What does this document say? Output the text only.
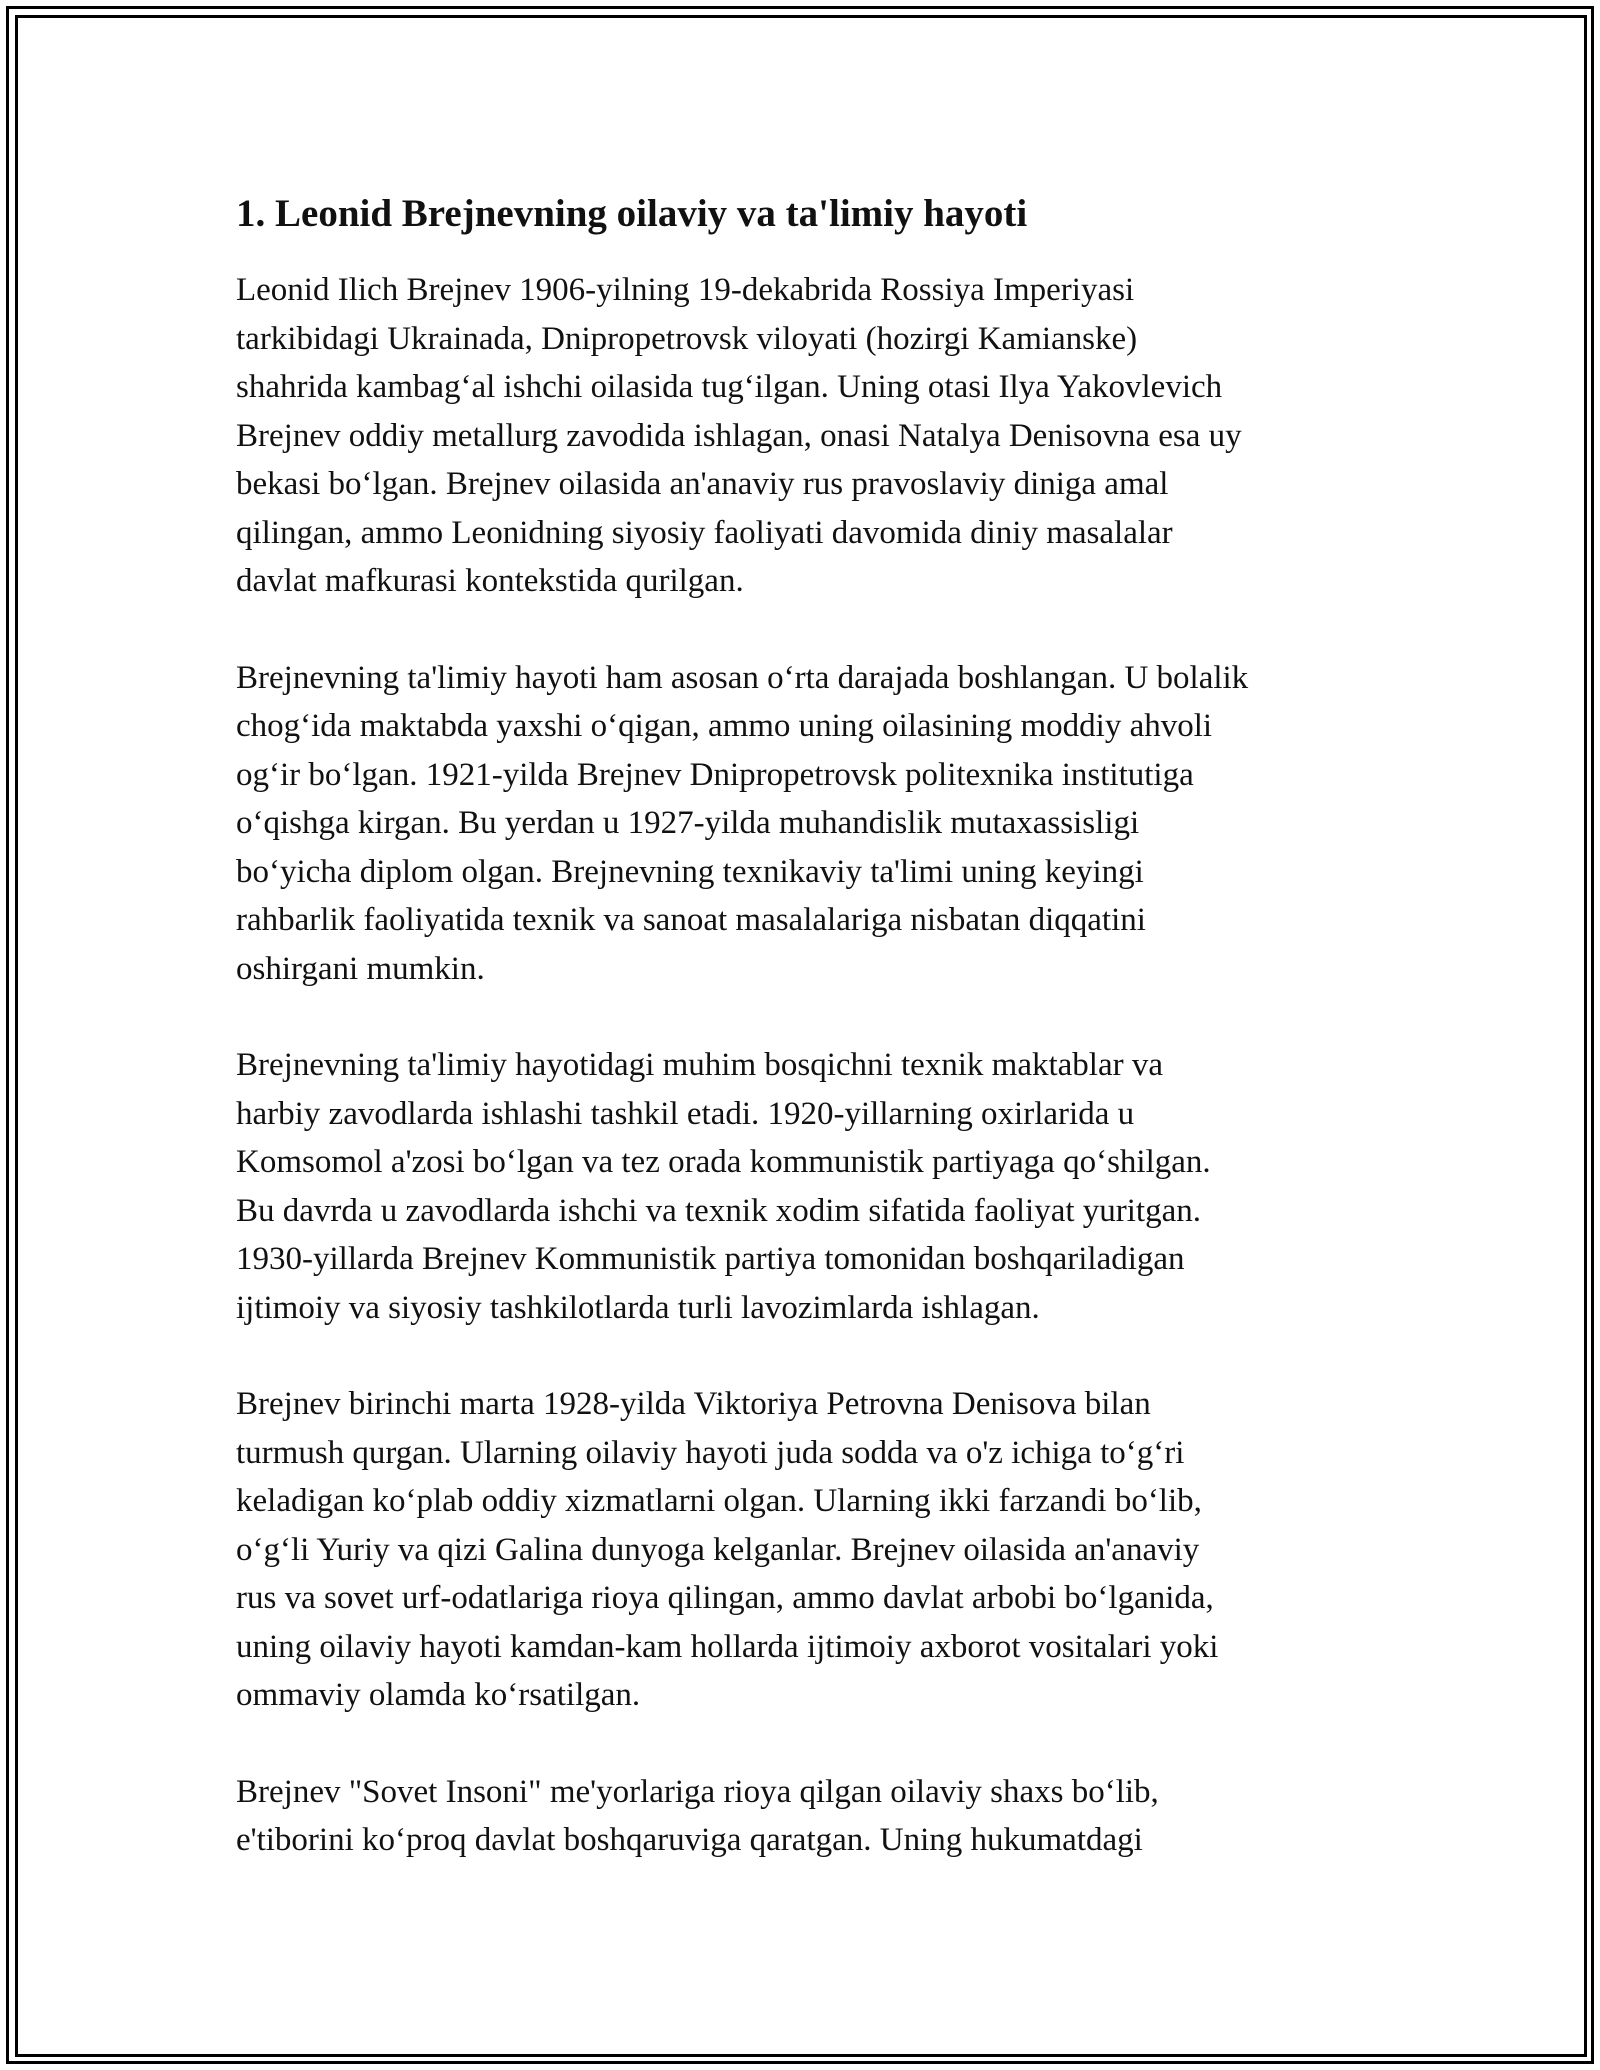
1. Leonid Brejnevning oilaviy va ta'limiy hayoti

Leonid Ilich Brejnev 1906-yilning 19-dekabrida Rossiya Imperiyasi
tarkibidagi Ukrainada, Dnipropetrovsk viloyati (hozirgi Kamianske)
shahrida kambag‘al ishchi oilasida tug‘ilgan. Uning otasi Ilya Yakovlevich
Brejnev oddiy metallurg zavodida ishlagan, onasi Natalya Denisovna esa uy
bekasi bo‘lgan. Brejnev oilasida an'anaviy rus pravoslaviy diniga amal
qilingan, ammo Leonidning siyosiy faoliyati davomida diniy masalalar
davlat mafkurasi kontekstida qurilgan.

Brejnevning ta'limiy hayoti ham asosan o‘rta darajada boshlangan. U bolalik
chog‘ida maktabda yaxshi o‘qigan, ammo uning oilasining moddiy ahvoli
og‘ir bo‘lgan. 1921-yilda Brejnev Dnipropetrovsk politexnika institutiga
o‘qishga kirgan. Bu yerdan u 1927-yilda muhandislik mutaxassisligi
bo‘yicha diplom olgan. Brejnevning texnikaviy ta'limi uning keyingi
rahbarlik faoliyatida texnik va sanoat masalalariga nisbatan diqqatini
oshirgani mumkin.

Brejnevning ta'limiy hayotidagi muhim bosqichni texnik maktablar va
harbiy zavodlarda ishlashi tashkil etadi. 1920-yillarning oxirlarida u
Komsomol a'zosi bo‘lgan va tez orada kommunistik partiyaga qo‘shilgan.
Bu davrda u zavodlarda ishchi va texnik xodim sifatida faoliyat yuritgan.
1930-yillarda Brejnev Kommunistik partiya tomonidan boshqariladigan
ijtimoiy va siyosiy tashkilotlarda turli lavozimlarda ishlagan.

Brejnev birinchi marta 1928-yilda Viktoriya Petrovna Denisova bilan
turmush qurgan. Ularning oilaviy hayoti juda sodda va o'z ichiga to‘g‘ri
keladigan ko‘plab oddiy xizmatlarni olgan. Ularning ikki farzandi bo‘lib,
o‘g‘li Yuriy va qizi Galina dunyoga kelganlar. Brejnev oilasida an'anaviy
rus va sovet urf-odatlariga rioya qilingan, ammo davlat arbobi bo‘lganida,
uning oilaviy hayoti kamdan-kam hollarda ijtimoiy axborot vositalari yoki
ommaviy olamda ko‘rsatilgan.

Brejnev "Sovet Insoni" me'yorlariga rioya qilgan oilaviy shaxs bo‘lib,
e'tiborini ko‘proq davlat boshqaruviga qaratgan. Uning hukumatdagi
